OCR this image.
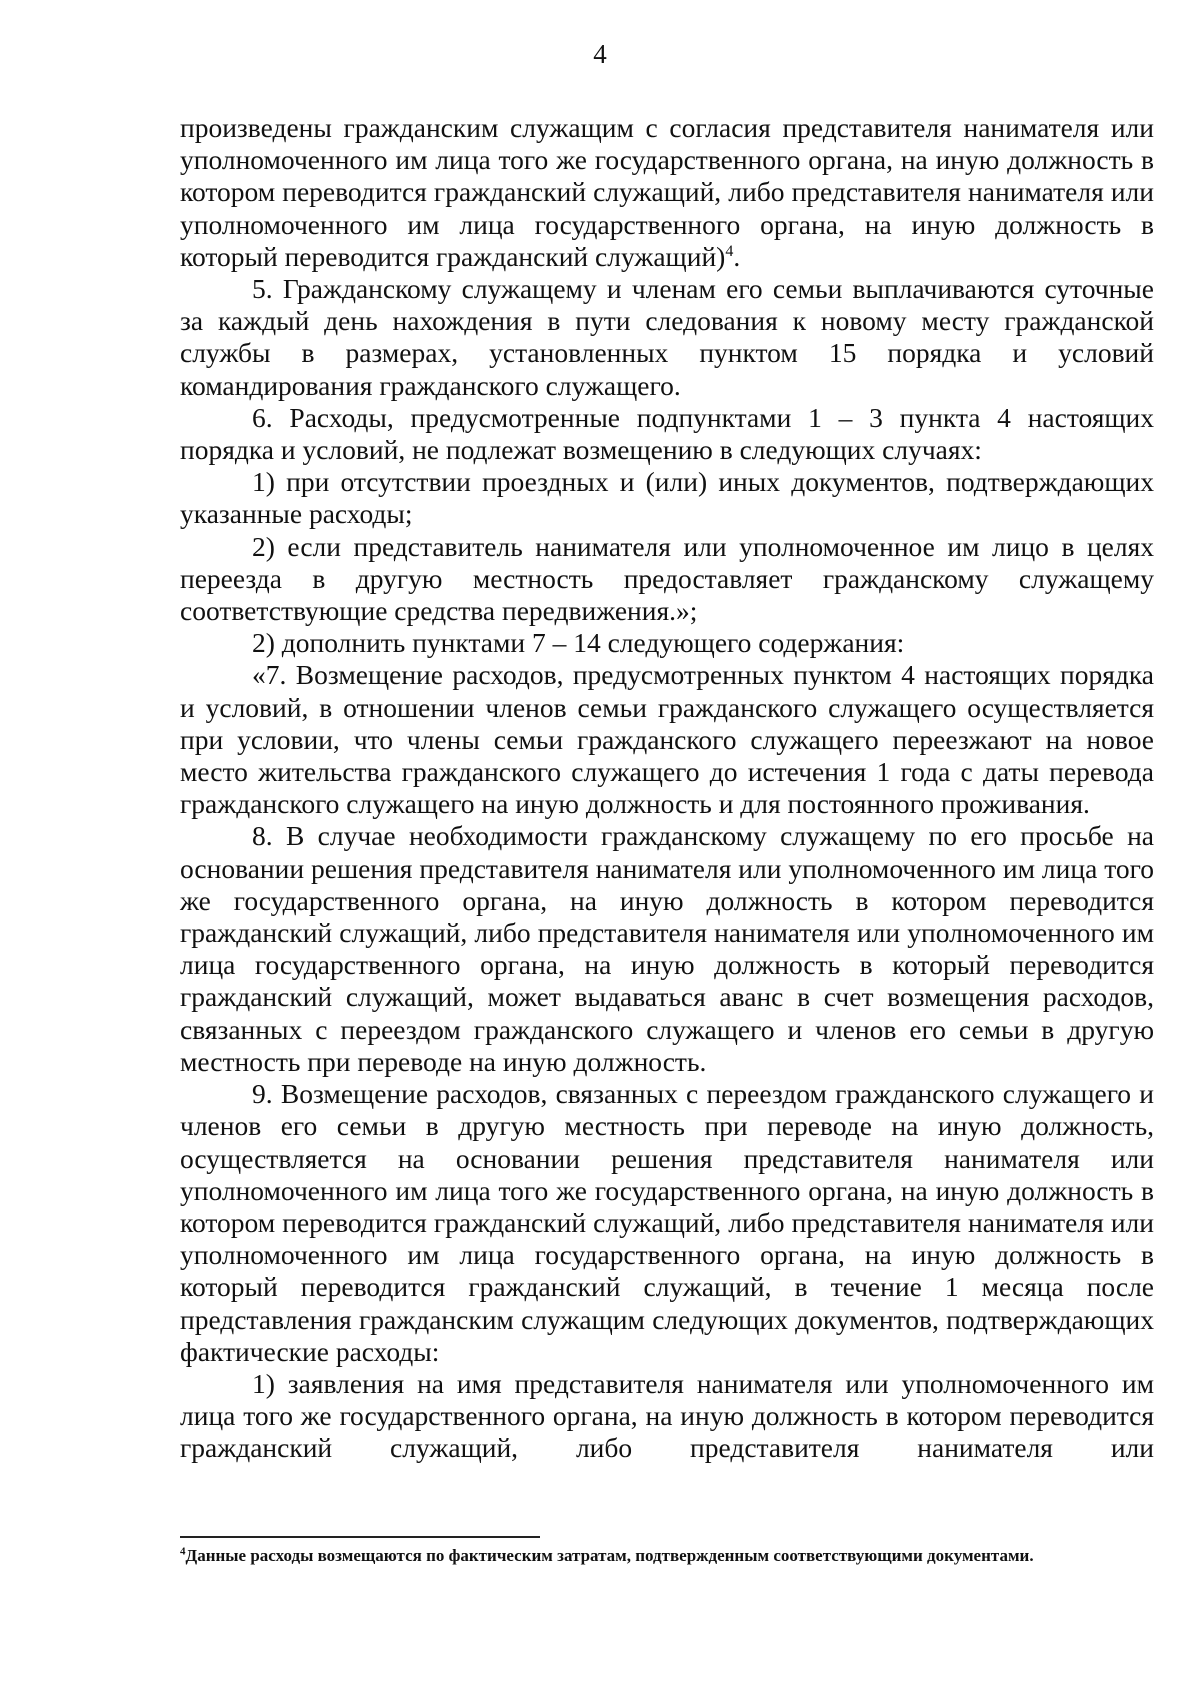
4

произведены гражданским служащим с согласия представителя нанимателя или уполномоченного им лица того же государственного органа, на иную должность в котором переводится гражданский служащий, либо представителя нанимателя или уполномоченного им лица государственного органа, на иную должность в который переводится гражданский служащий)$^4$.

5. Гражданскому служащему и членам его семьи выплачиваются суточные за каждый день нахождения в пути следования к новому месту гражданской службы в размерах, установленных пунктом 15 порядка и условий командирования гражданского служащего.

6. Расходы, предусмотренные подпунктами 1 – 3 пункта 4 настоящих порядка и условий, не подлежат возмещению в следующих случаях:

1) при отсутствии проездных и (или) иных документов, подтверждающих указанные расходы;

2) если представитель нанимателя или уполномоченное им лицо в целях переезда в другую местность предоставляет гражданскому служащему соответствующие средства передвижения.»;

2) дополнить пунктами 7 – 14 следующего содержания:

«7. Возмещение расходов, предусмотренных пунктом 4 настоящих порядка и условий, в отношении членов семьи гражданского служащего осуществляется при условии, что члены семьи гражданского служащего переезжают на новое место жительства гражданского служащего до истечения 1 года с даты перевода гражданского служащего на иную должность и для постоянного проживания.

8. В случае необходимости гражданскому служащему по его просьбе на основании решения представителя нанимателя или уполномоченного им лица того же государственного органа, на иную должность в котором переводится гражданский служащий, либо представителя нанимателя или уполномоченного им лица государственного органа, на иную должность в который переводится гражданский служащий, может выдаваться аванс в счет возмещения расходов, связанных с переездом гражданского служащего и членов его семьи в другую местность при переводе на иную должность.

9. Возмещение расходов, связанных с переездом гражданского служащего и членов его семьи в другую местность при переводе на иную должность, осуществляется на основании решения представителя нанимателя или уполномоченного им лица того же государственного органа, на иную должность в котором переводится гражданский служащий, либо представителя нанимателя или уполномоченного им лица государственного органа, на иную должность в который переводится гражданский служащий, в течение 1 месяца после представления гражданским служащим следующих документов, подтверждающих фактические расходы:

1) заявления на имя представителя нанимателя или уполномоченного им лица того же государственного органа, на иную должность в котором переводится гражданский служащий, либо представителя нанимателя или

$^4$Данные расходы возмещаются по фактическим затратам, подтвержденным соответствующими документами.
